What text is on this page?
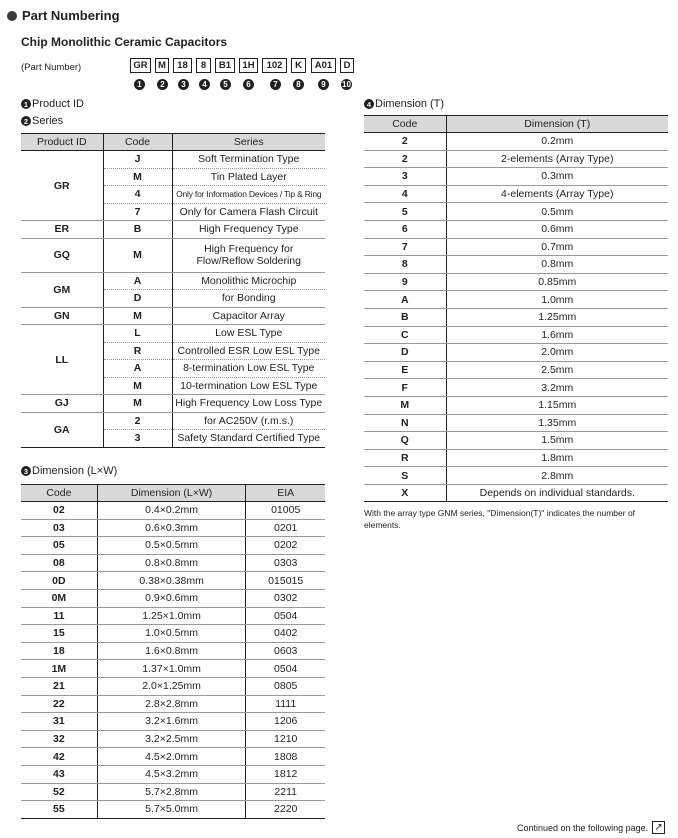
Part Numbering
Chip Monolithic Ceramic Capacitors
(Part Number)	GR	M	18	8	B1	1H	102	K	A01	D
1	2	3	4	5	6	7	8	9	10
1 Product ID
2 Series
3 Dimension (L×W)
4 Dimension (T)
Product ID	Code	Series
GR	J	Soft Termination Type
	M	Tin Plated Layer
	4	Only for Information Devices / Tip & Ring
	7	Only for Camera Flash Circuit
ER	B	High Frequency Type
GQ	M	High Frequency for
Flow/Reflow Soldering

GM	A	Monolithic Microchip
	D	for Bonding
GN	M	Capacitor Array
LL	L	Low ESL Type
	R	Controlled ESR Low ESL Type
	A	8-termination Low ESL Type
	M	10-termination Low ESL Type
GJ	M	High Frequency Low Loss Type
GA	2	for AC250V (r.m.s.)
	3	Safety Standard Certified Type
Code	Dimension (L×W)	EIA
02	0.4×0.2mm	01005
03	0.6×0.3mm	0201
05	0.5×0.5mm	0202
08	0.8×0.8mm	0303
0D	0.38×0.38mm	015015
0M	0.9×0.6mm	0302
11	1.25×1.0mm	0504
15	1.0×0.5mm	0402
18	1.6×0.8mm	0603
1M	1.37×1.0mm	0504
21	2.0×1.25mm	0805
22	2.8×2.8mm	1111
31	3.2×1.6mm	1206
32	3.2×2.5mm	1210
42	4.5×2.0mm	1808
43	4.5×3.2mm	1812
52	5.7×2.8mm	2211
55	5.7×5.0mm	2220
Code	Dimension (T)
2	0.2mm
2	2-elements (Array Type)
3	0.3mm
4	4-elements (Array Type)
5	0.5mm
6	0.6mm
7	0.7mm
8	0.8mm
9	0.85mm
A	1.0mm
B	1.25mm
C	1.6mm
D	2.0mm
E	2.5mm
F	3.2mm
M	1.15mm
N	1.35mm
Q	1.5mm
R	1.8mm
S	2.8mm
X	Depends on individual standards.
With the array type GNM series, "Dimension(T)" indicates the number of elements.
Continued on the following page. ↗
